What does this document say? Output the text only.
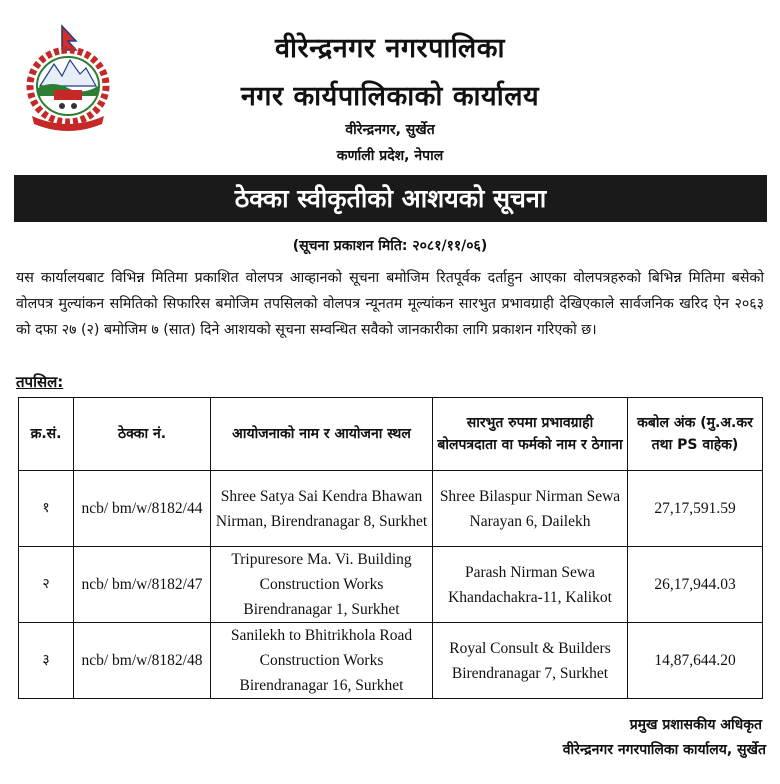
वीरेन्द्रनगर नगरपालिका
नगर कार्यपालिकाको कार्यालय
वीरेन्द्रनगर, सुर्खेत
कर्णाली प्रदेश, नेपाल
ठेक्का स्वीकृतीको आशयको सूचना
(सूचना प्रकाशन मिति: २०८१/११/०६)
यस कार्यालयबाट विभिन्न मितिमा प्रकाशित वोलपत्र आव्हानको सूचना बमोजिम रितपूर्वक दर्ताहुन आएका वोलपत्रहरुको बिभिन्न मितिमा बसेको वोलपत्र मुल्यांकन समितिको सिफारिस बमोजिम तपसिलको वोलपत्र न्यूनतम मूल्यांकन सारभुत प्रभावग्राही देखिएकाले सार्वजनिक खरिद ऐन २०६३ को दफा २७ (२) बमोजिम ७ (सात) दिने आशयको सूचना सम्वन्धित सवैको जानकारीका लागि प्रकाशन गरिएको छ।
तपसिल:
क्र.सं.	ठेक्का नं.	आयोजनाको नाम र आयोजना स्थल	सारभुत रुपमा प्रभावग्राही बोलपत्रदाता वा फर्मको नाम र ठेगाना	कबोल अंक (मु.अ.कर तथा PS वाहेक)
१	ncb/ bm/w/8182/44	Shree Satya Sai Kendra Bhawan Nirman, Birendranagar 8, Surkhet	Shree Bilaspur Nirman Sewa Narayan 6, Dailekh	27,17,591.59
२	ncb/ bm/w/8182/47	Tripuresore Ma. Vi. Building Construction Works Birendranagar 1, Surkhet	Parash Nirman Sewa Khandachakra-11, Kalikot	26,17,944.03
३	ncb/ bm/w/8182/48	Sanilekh to Bhitrikhola Road Construction Works Birendranagar 16, Surkhet	Royal Consult & Builders Birendranagar 7, Surkhet	14,87,644.20
प्रमुख प्रशासकीय अधिकृत
वीरेन्द्रनगर नगरपालिका कार्यालय, सुर्खेत
